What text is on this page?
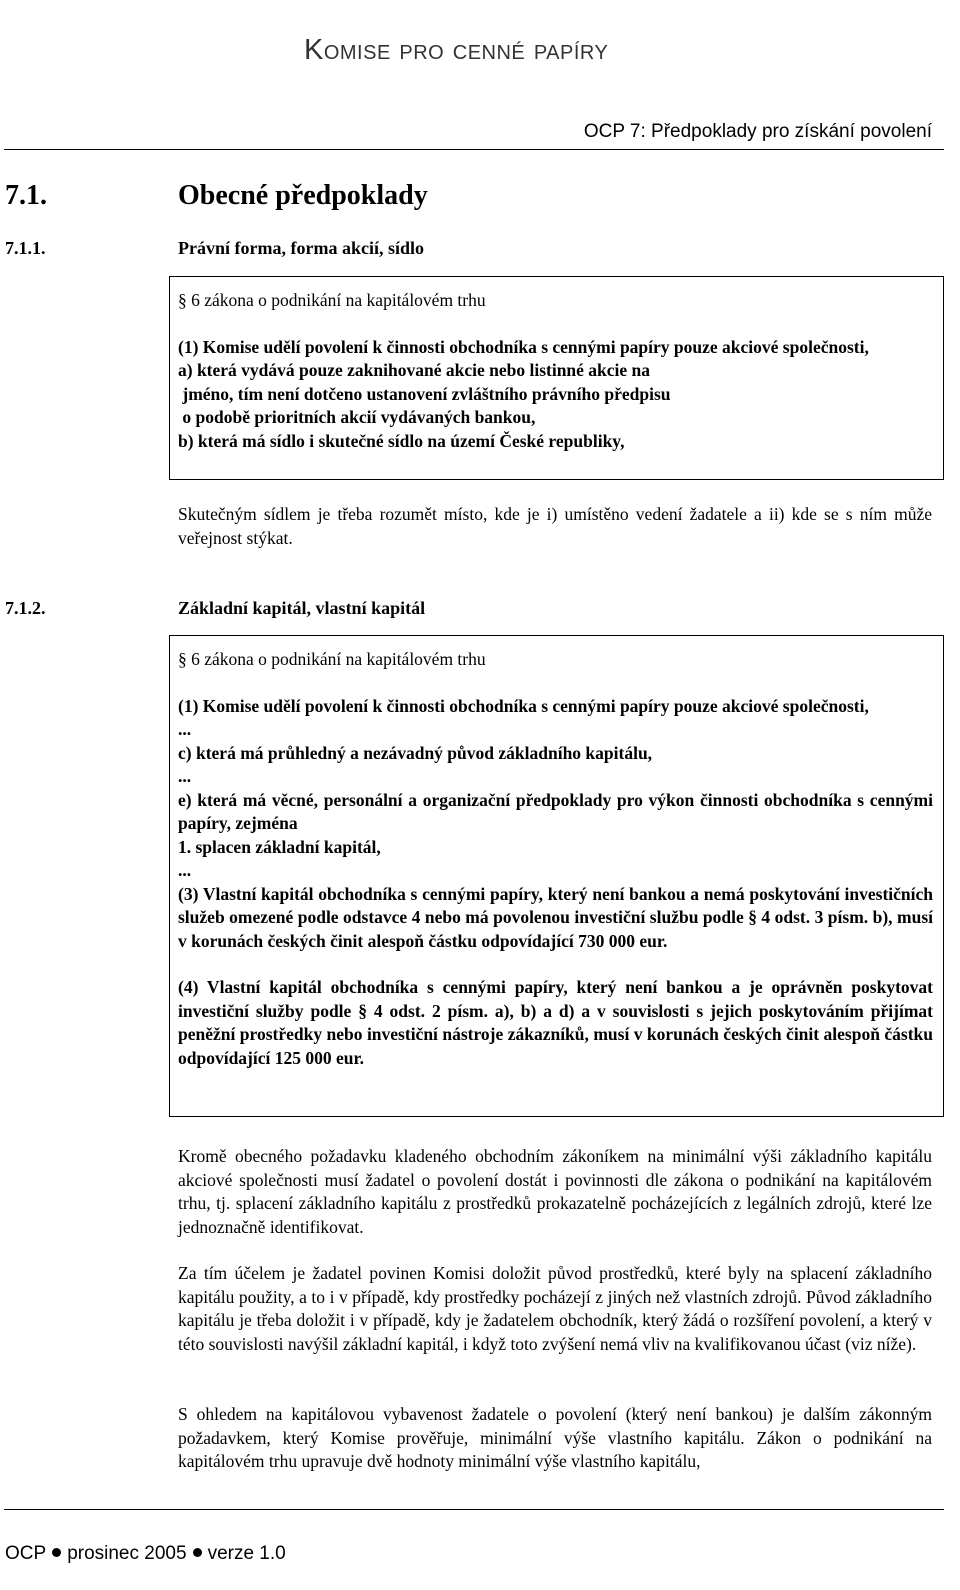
Komise pro cenné papíry
OCP 7: Předpoklady pro získání povolení
7.1.	Obecné předpoklady
7.1.1.	Právní forma, forma akcií, sídlo

§ 6 zákona o podnikání na kapitálovém trhu

(1) Komise udělí povolení k činnosti obchodníka s cennými papíry pouze akciové společnosti,

a) která vydává pouze zaknihované akcie nebo listinné akcie na

jméno, tím není dotčeno ustanovení zvláštního právního předpisu

o podobě prioritních akcií vydávaných bankou,

b) která má sídlo i skutečné sídlo na území České republiky,

Skutečným sídlem je třeba rozumět místo, kde je i) umístěno vedení žadatele a ii) kde se s ním může veřejnost stýkat.

7.1.2.	Základní kapitál, vlastní kapitál

§ 6 zákona o podnikání na kapitálovém trhu

(1) Komise udělí povolení k činnosti obchodníka s cennými papíry pouze akciové společnosti,

...

c) která má průhledný a nezávadný původ základního kapitálu,

...

e) která má věcné, personální a organizační předpoklady pro výkon činnosti obchodníka s cennými papíry, zejména

1. splacen základní kapitál,

...

(3) Vlastní kapitál obchodníka s cennými papíry, který není bankou a nemá poskytování investičních služeb omezené podle odstavce 4 nebo má povolenou investiční službu podle § 4 odst. 3 písm. b), musí v korunách českých činit alespoň částku odpovídající 730 000 eur.

(4) Vlastní kapitál obchodníka s cennými papíry, který není bankou a je oprávněn poskytovat investiční služby podle § 4 odst. 2 písm. a), b) a d) a v souvislosti s jejich poskytováním přijímat peněžní prostředky nebo investiční nástroje zákazníků, musí v korunách českých činit alespoň částku odpovídající 125 000 eur.

Kromě obecného požadavku kladeného obchodním zákoníkem na minimální výši základního kapitálu akciové společnosti musí žadatel o povolení dostát i povinnosti dle zákona o podnikání na kapitálovém trhu, tj. splacení základního kapitálu z prostředků prokazatelně pocházejících z legálních zdrojů, které lze jednoznačně identifikovat.

Za tím účelem je žadatel povinen Komisi doložit původ prostředků, které byly na splacení základního kapitálu použity, a to i v případě, kdy prostředky pocházejí z jiných než vlastních zdrojů. Původ základního kapitálu je třeba doložit i v případě, kdy je žadatelem obchodník, který žádá o rozšíření povolení, a který v této souvislosti navýšil základní kapitál, i když toto zvýšení nemá vliv na kvalifikovanou účast (viz níže).

S ohledem na kapitálovou vybavenost žadatele o povolení (který není bankou) je dalším zákonným požadavkem, který Komise prověřuje, minimální výše vlastního kapitálu. Zákon o podnikání na kapitálovém trhu upravuje dvě hodnoty minimální výše vlastního kapitálu,

OCP prosinec 2005 verze 1.0
